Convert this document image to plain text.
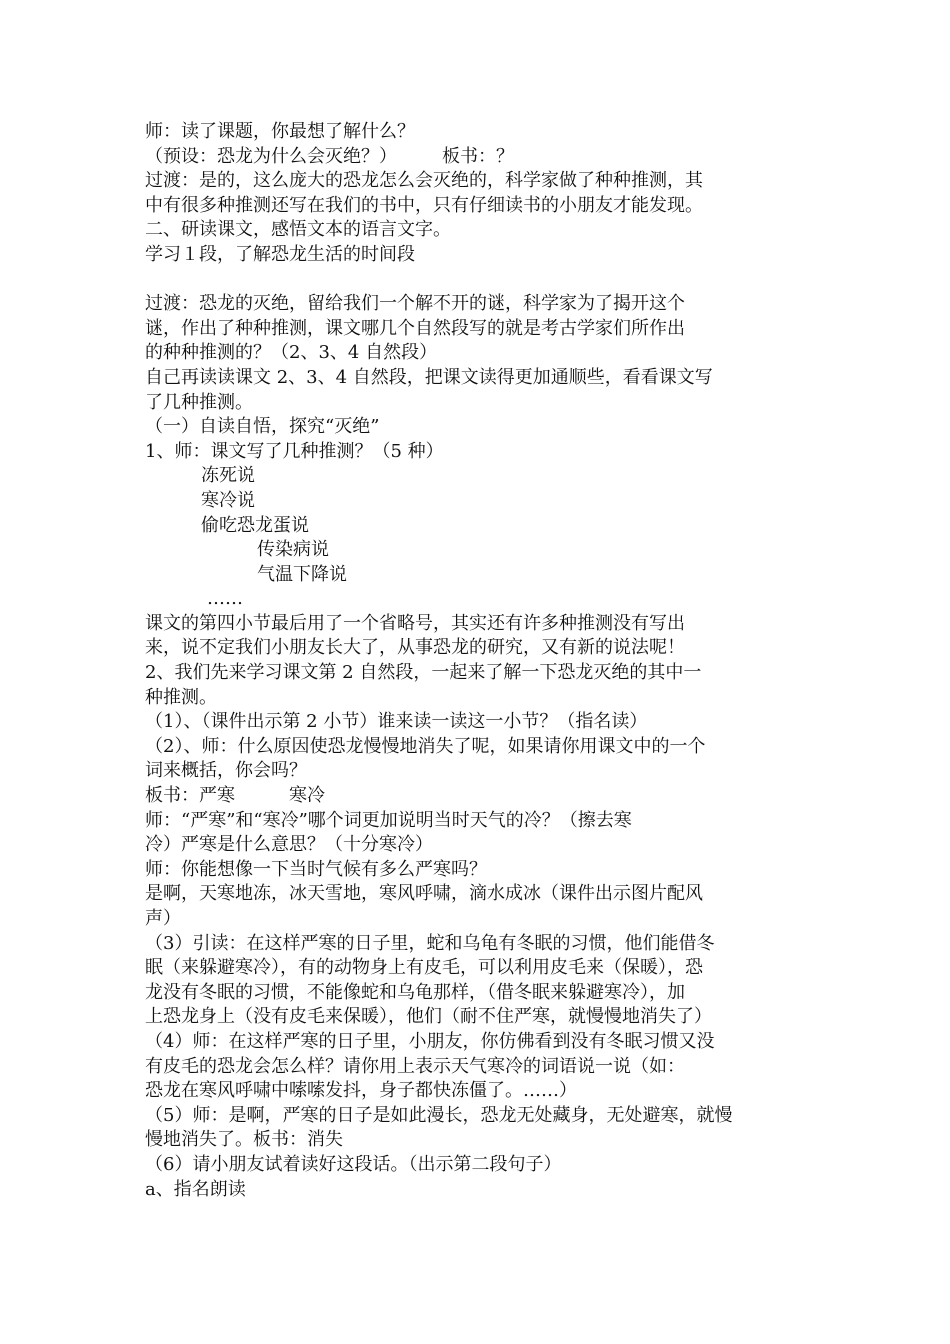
师：读了课题，你最想了解什么？
（预设：恐龙为什么会灭绝？）　　　板书：？
过渡：是的，这么庞大的恐龙怎么会灭绝的，科学家做了种种推测，其
中有很多种推测还写在我们的书中，只有仔细读书的小朋友才能发现。
二、研读课文，感悟文本的语言文字。
学习１段，了解恐龙生活的时间段
过渡：恐龙的灭绝，留给我们一个解不开的谜，科学家为了揭开这个
谜，作出了种种推测，课文哪几个自然段写的就是考古学家们所作出
的种种推测的？（2、3、4 自然段）
自己再读读课文 2、3、4 自然段，把课文读得更加通顺些，看看课文写
了几种推测。
（一）自读自悟，探究“灭绝”
1、师：课文写了几种推测？（5 种）
冻死说
寒冷说
偷吃恐龙蛋说
传染病说
气温下降说
……
课文的第四小节最后用了一个省略号，其实还有许多种推测没有写出
来，说不定我们小朋友长大了，从事恐龙的研究，又有新的说法呢！
2、我们先来学习课文第 2 自然段，一起来了解一下恐龙灭绝的其中一
种推测。
（1）、（课件出示第 2 小节）谁来读一读这一小节？（指名读）
（2）、师：什么原因使恐龙慢慢地消失了呢，如果请你用课文中的一个
词来概括，你会吗？
板书：严寒　　　寒冷
师：“严寒”和“寒冷”哪个词更加说明当时天气的冷？（擦去寒
冷）严寒是什么意思？（十分寒冷）
师：你能想像一下当时气候有多么严寒吗？
是啊，天寒地冻，冰天雪地，寒风呼啸，滴水成冰（课件出示图片配风
声）
（3）引读：在这样严寒的日子里，蛇和乌龟有冬眠的习惯，他们能借冬
眠（来躲避寒冷），有的动物身上有皮毛，可以利用皮毛来（保暖），恐
龙没有冬眠的习惯，不能像蛇和乌龟那样，（借冬眠来躲避寒冷），加
上恐龙身上（没有皮毛来保暖），他们（耐不住严寒，就慢慢地消失了）
（4）师：在这样严寒的日子里，小朋友，你仿佛看到没有冬眠习惯又没
有皮毛的恐龙会怎么样？请你用上表示天气寒冷的词语说一说（如：
恐龙在寒风呼啸中嗦嗦发抖，身子都快冻僵了。……）
（5）师：是啊，严寒的日子是如此漫长，恐龙无处藏身，无处避寒，就慢
慢地消失了。板书：消失
（6）请小朋友试着读好这段话。（出示第二段句子）
a、指名朗读
